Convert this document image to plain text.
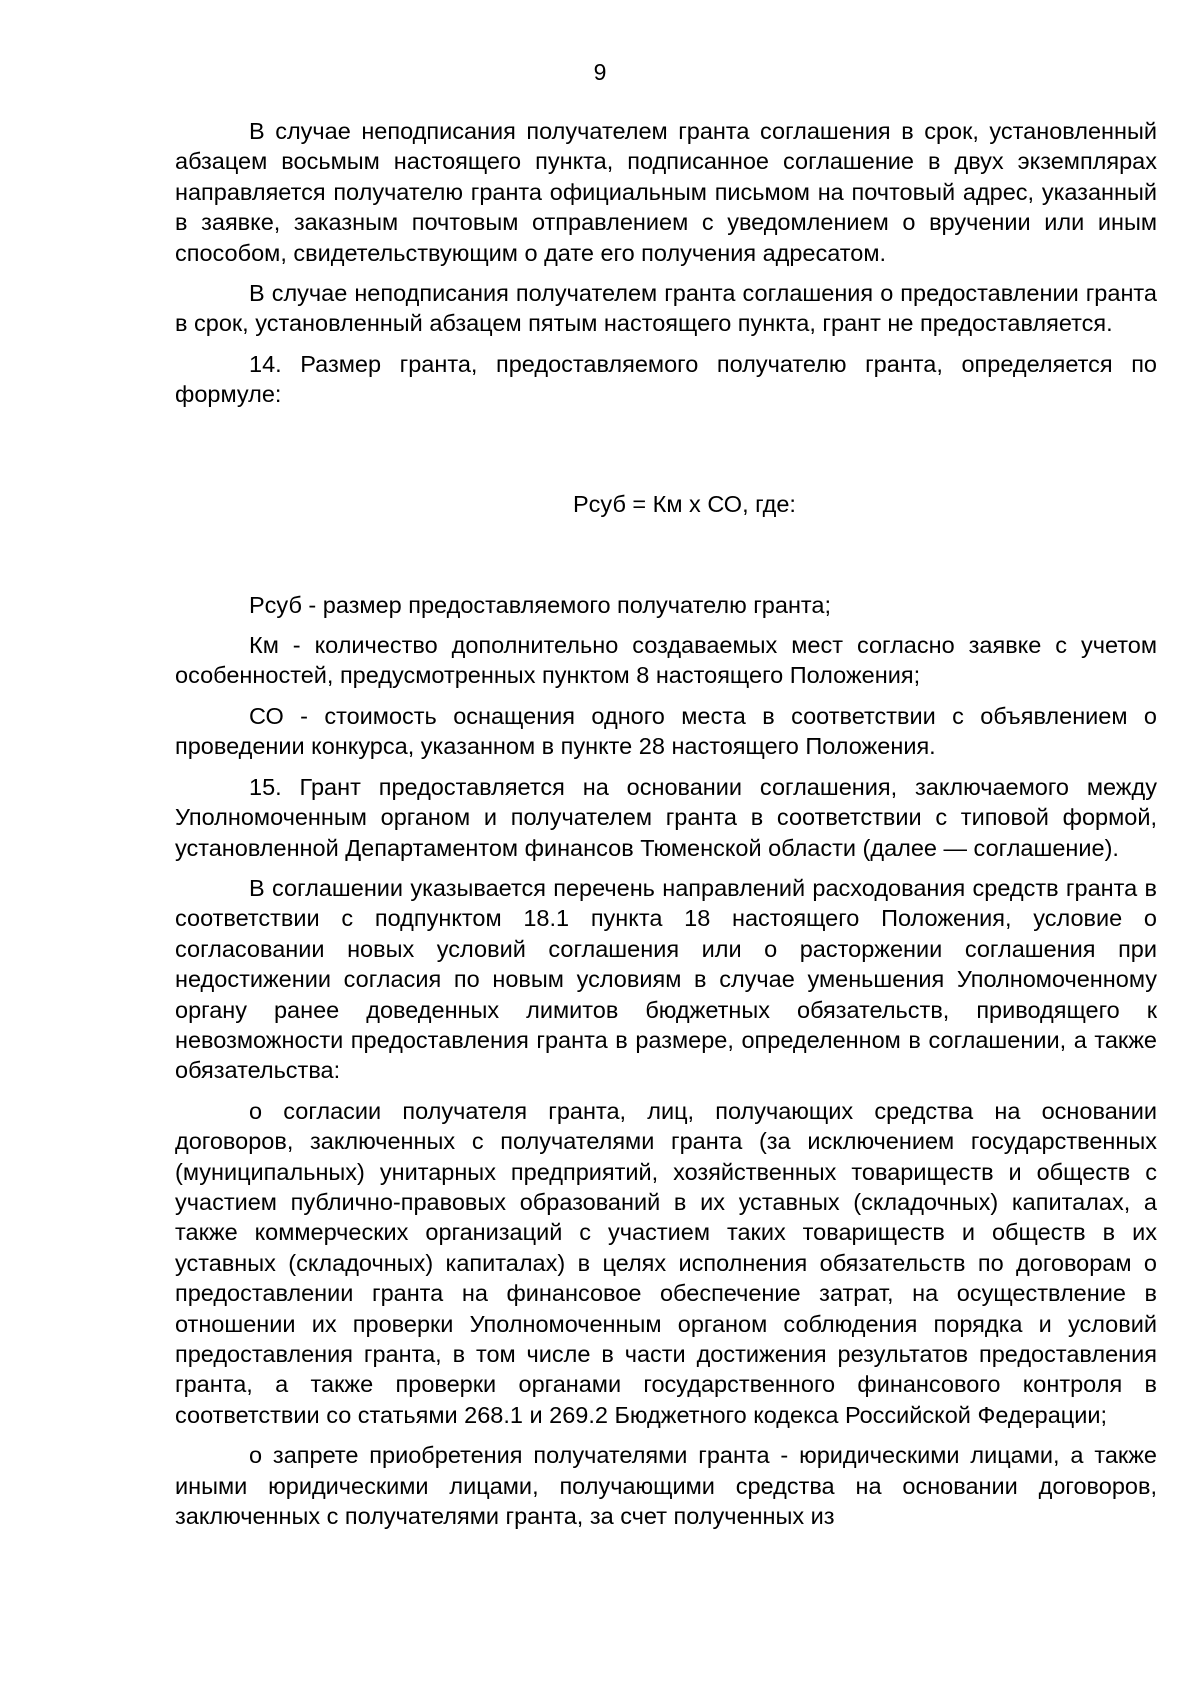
9

В случае неподписания получателем гранта соглашения в срок, установленный абзацем восьмым настоящего пункта, подписанное соглашение в двух экземплярах направляется получателю гранта официальным письмом на почтовый адрес, указанный в заявке, заказным почтовым отправлением с уведомлением о вручении или иным способом, свидетельствующим о дате его получения адресатом.

В случае неподписания получателем гранта соглашения о предоставлении гранта в срок, установленный абзацем пятым настоящего пункта, грант не предоставляется.

14. Размер гранта, предоставляемого получателю гранта, определяется по формуле:

Рсуб = Км х СО, где:

Рсуб - размер предоставляемого получателю гранта;

Км - количество дополнительно создаваемых мест согласно заявке с учетом особенностей, предусмотренных пунктом 8 настоящего Положения;

СО - стоимость оснащения одного места в соответствии с объявлением о проведении конкурса, указанном в пункте 28 настоящего Положения.

15. Грант предоставляется на основании соглашения, заключаемого между Уполномоченным органом и получателем гранта в соответствии с типовой формой, установленной Департаментом финансов Тюменской области (далее — соглашение).

В соглашении указывается перечень направлений расходования средств гранта в соответствии с подпунктом 18.1 пункта 18 настоящего Положения, условие о согласовании новых условий соглашения или о расторжении соглашения при недостижении согласия по новым условиям в случае уменьшения Уполномоченному органу ранее доведенных лимитов бюджетных обязательств, приводящего к невозможности предоставления гранта в размере, определенном в соглашении, а также обязательства:

о согласии получателя гранта, лиц, получающих средства на основании договоров, заключенных с получателями гранта (за исключением государственных (муниципальных) унитарных предприятий, хозяйственных товариществ и обществ с участием публично-правовых образований в их уставных (складочных) капиталах, а также коммерческих организаций с участием таких товариществ и обществ в их уставных (складочных) капиталах) в целях исполнения обязательств по договорам о предоставлении гранта на финансовое обеспечение затрат, на осуществление в отношении их проверки Уполномоченным органом соблюдения порядка и условий предоставления гранта, в том числе в части достижения результатов предоставления гранта, а также проверки органами государственного финансового контроля в соответствии со статьями 268.1 и 269.2 Бюджетного кодекса Российской Федерации;

о запрете приобретения получателями гранта - юридическими лицами, а также иными юридическими лицами, получающими средства на основании договоров, заключенных с получателями гранта, за счет полученных из
